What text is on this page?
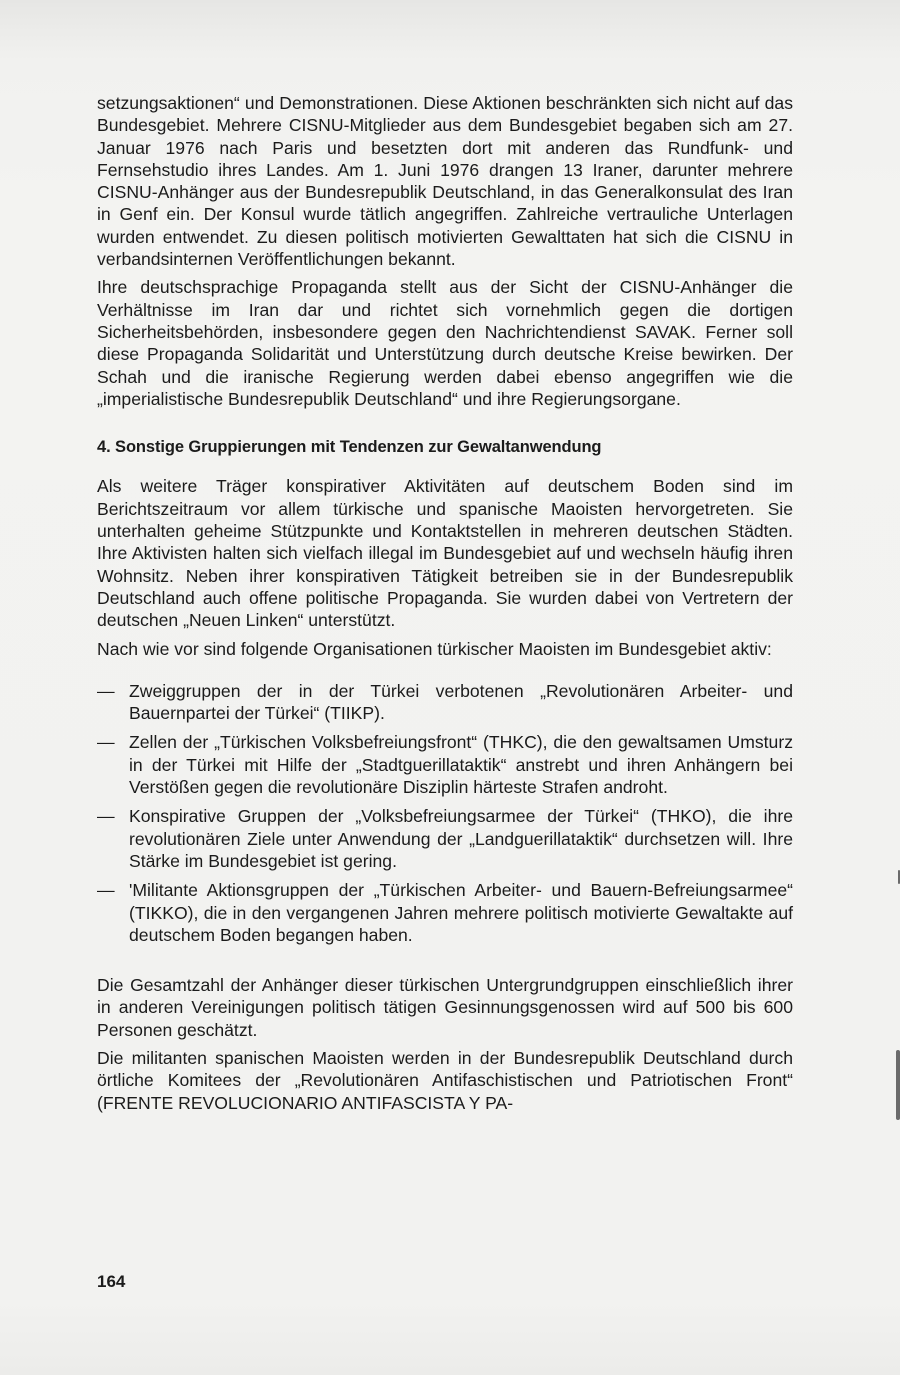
setzungsaktionen“ und Demonstrationen. Diese Aktionen beschränkten sich nicht auf das Bundesgebiet. Mehrere CISNU-Mitglieder aus dem Bundesgebiet begaben sich am 27. Januar 1976 nach Paris und besetzten dort mit anderen das Rundfunk- und Fernsehstudio ihres Landes. Am 1. Juni 1976 drangen 13 Iraner, darunter mehrere CISNU-Anhänger aus der Bundesrepublik Deutschland, in das Generalkonsulat des Iran in Genf ein. Der Konsul wurde tätlich angegriffen. Zahlreiche vertrauliche Unterlagen wurden entwendet. Zu diesen politisch motivierten Gewalttaten hat sich die CISNU in verbandsinternen Veröffentlichungen bekannt.

Ihre deutschsprachige Propaganda stellt aus der Sicht der CISNU-Anhänger die Verhältnisse im Iran dar und richtet sich vornehmlich gegen die dortigen Sicherheitsbehörden, insbesondere gegen den Nachrichtendienst SAVAK. Ferner soll diese Propaganda Solidarität und Unterstützung durch deutsche Kreise bewirken. Der Schah und die iranische Regierung werden dabei ebenso angegriffen wie die „imperialistische Bundesrepublik Deutschland“ und ihre Regierungsorgane.

4. Sonstige Gruppierungen mit Tendenzen zur Gewaltanwendung

Als weitere Träger konspirativer Aktivitäten auf deutschem Boden sind im Berichtszeitraum vor allem türkische und spanische Maoisten hervorgetreten. Sie unterhalten geheime Stützpunkte und Kontaktstellen in mehreren deutschen Städten. Ihre Aktivisten halten sich vielfach illegal im Bundesgebiet auf und wechseln häufig ihren Wohnsitz. Neben ihrer konspirativen Tätigkeit betreiben sie in der Bundesrepublik Deutschland auch offene politische Propaganda. Sie wurden dabei von Vertretern der deutschen „Neuen Linken“ unterstützt.

Nach wie vor sind folgende Organisationen türkischer Maoisten im Bundesgebiet aktiv:

— Zweiggruppen der in der Türkei verbotenen „Revolutionären Arbeiter- und Bauernpartei der Türkei“ (TIIKP).
— Zellen der „Türkischen Volksbefreiungsfront“ (THKC), die den gewaltsamen Umsturz in der Türkei mit Hilfe der „Stadtguerillataktik“ anstrebt und ihren Anhängern bei Verstößen gegen die revolutionäre Disziplin härteste Strafen androht.
— Konspirative Gruppen der „Volksbefreiungsarmee der Türkei“ (THKO), die ihre revolutionären Ziele unter Anwendung der „Landguerillataktik“ durchsetzen will. Ihre Stärke im Bundesgebiet ist gering.
— 'Militante Aktionsgruppen der „Türkischen Arbeiter- und Bauern-Befreiungsarmee“ (TIKKO), die in den vergangenen Jahren mehrere politisch motivierte Gewaltakte auf deutschem Boden begangen haben.

Die Gesamtzahl der Anhänger dieser türkischen Untergrundgruppen einschließlich ihrer in anderen Vereinigungen politisch tätigen Gesinnungsgenossen wird auf 500 bis 600 Personen geschätzt.

Die militanten spanischen Maoisten werden in der Bundesrepublik Deutschland durch örtliche Komitees der „Revolutionären Antifaschistischen und Patriotischen Front“ (FRENTE REVOLUCIONARIO ANTIFASCISTA Y PA-

164
